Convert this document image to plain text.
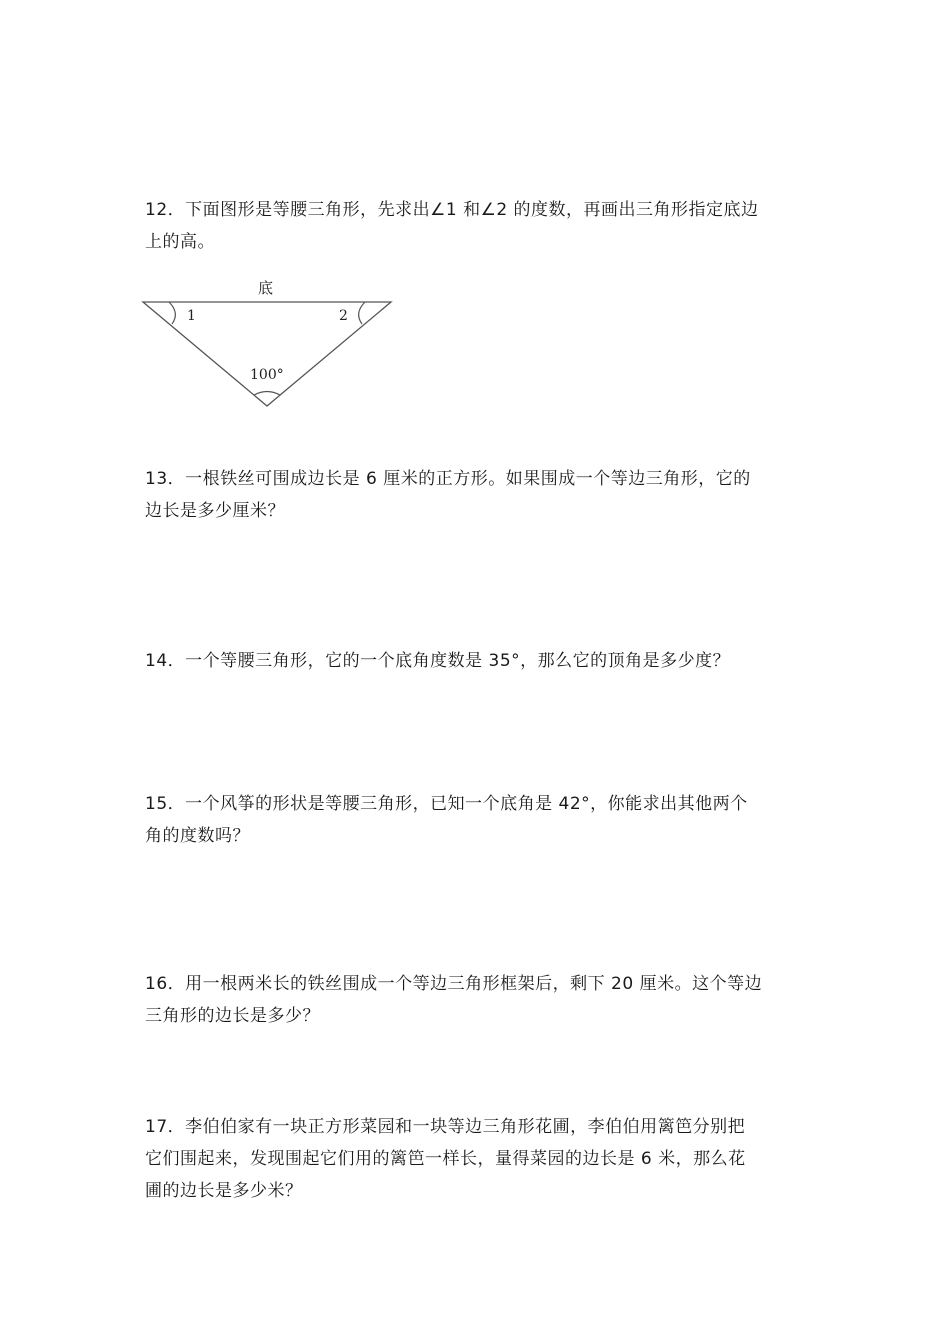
12．下面图形是等腰三角形，先求出∠1 和∠2 的度数，再画出三角形指定底边

上的高。

底
1	2
100°

13．一根铁丝可围成边长是 6 厘米的正方形。如果围成一个等边三角形，它的

边长是多少厘米？

14．一个等腰三角形，它的一个底角度数是 35°，那么它的顶角是多少度？

15．一个风筝的形状是等腰三角形，已知一个底角是 42°，你能求出其他两个

角的度数吗？

16．用一根两米长的铁丝围成一个等边三角形框架后，剩下 20 厘米。这个等边

三角形的边长是多少？

17．李伯伯家有一块正方形菜园和一块等边三角形花圃，李伯伯用篱笆分别把

它们围起来，发现围起它们用的篱笆一样长，量得菜园的边长是 6 米，那么花

圃的边长是多少米？
